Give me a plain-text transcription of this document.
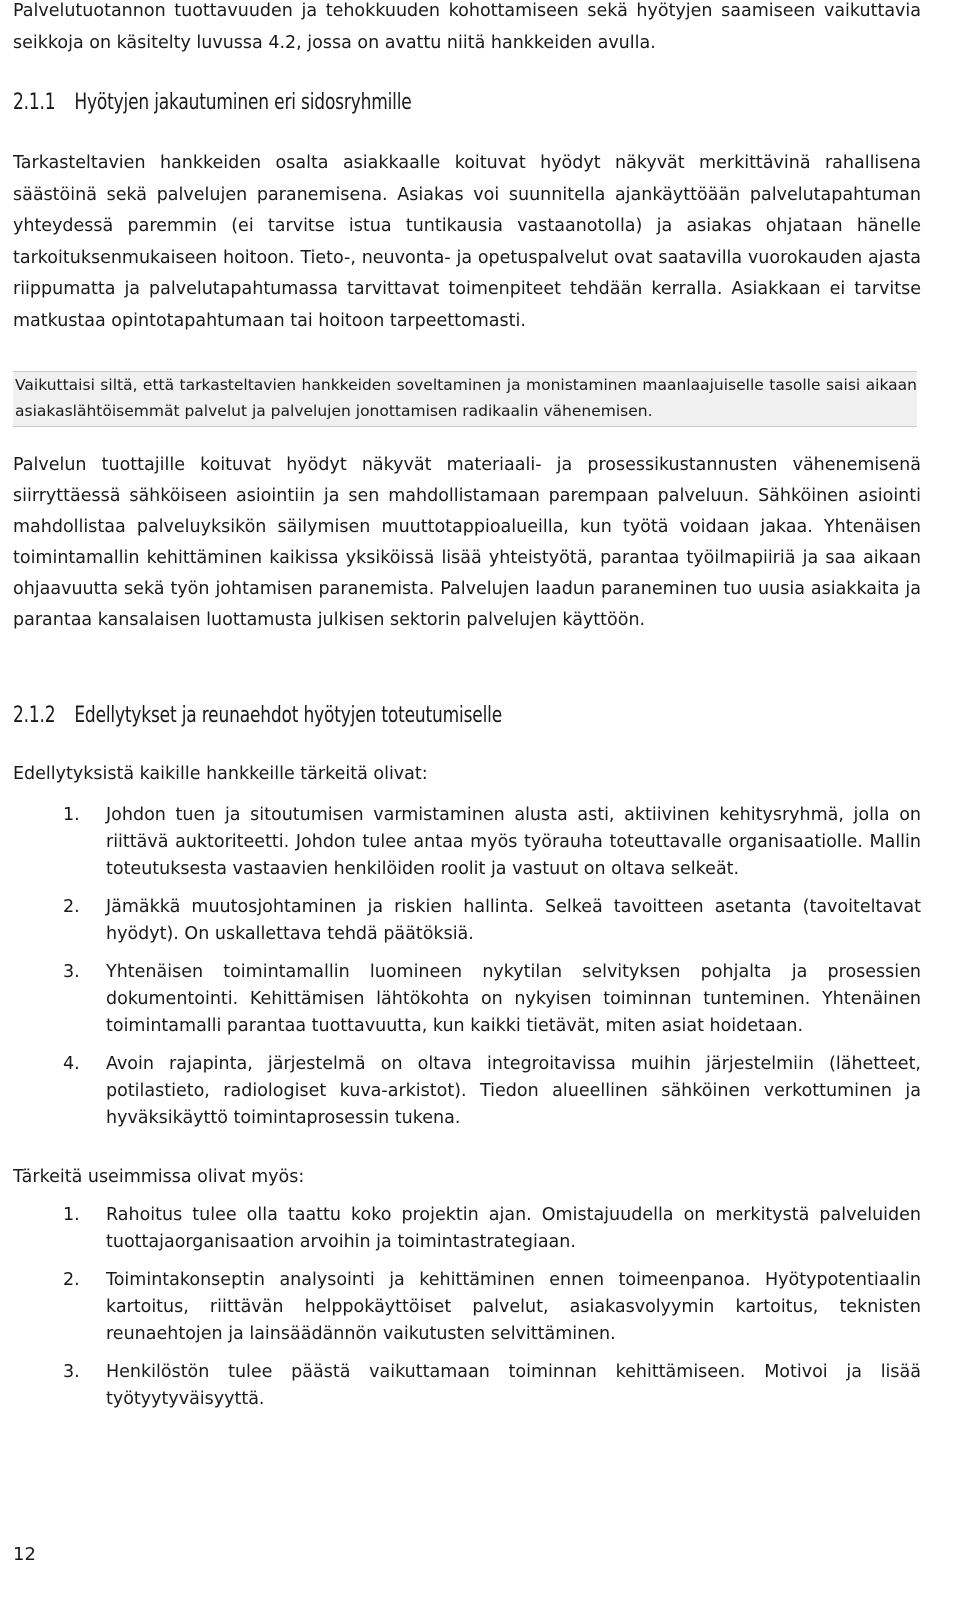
Palvelutuotannon tuottavuuden ja tehokkuuden kohottamiseen sekä hyötyjen saamiseen vaikuttavia seikkoja on käsitelty luvussa 4.2, jossa on avattu niitä hankkeiden avulla.

2.1.1 Hyötyjen jakautuminen eri sidosryhmille

Tarkasteltavien hankkeiden osalta asiakkaalle koituvat hyödyt näkyvät merkittävinä rahallisena säästöinä sekä palvelujen paranemisena. Asiakas voi suunnitella ajankäyttöään palvelutapahtuman yhteydessä paremmin (ei tarvitse istua tuntikausia vastaanotolla) ja asiakas ohjataan hänelle tarkoituksenmukaiseen hoitoon. Tieto-, neuvonta- ja opetuspalvelut ovat saatavilla vuorokauden ajasta riippumatta ja palvelutapahtumassa tarvittavat toimenpiteet tehdään kerralla. Asiakkaan ei tarvitse matkustaa opintotapahtumaan tai hoitoon tarpeettomasti.

Vaikuttaisi siltä, että tarkasteltavien hankkeiden soveltaminen ja monistaminen maanlaajuiselle tasolle saisi aikaan asiakaslähtöisemmät palvelut ja palvelujen jonottamisen radikaalin vähenemisen.

Palvelun tuottajille koituvat hyödyt näkyvät materiaali- ja prosessikustannusten vähenemisenä siirryttäessä sähköiseen asiointiin ja sen mahdollistamaan parempaan palveluun. Sähköinen asiointi mahdollistaa palveluyksikön säilymisen muuttotappioalueilla, kun työtä voidaan jakaa. Yhtenäisen toimintamallin kehittäminen kaikissa yksiköissä lisää yhteistyötä, parantaa työilmapiiriä ja saa aikaan ohjaavuutta sekä työn johtamisen paranemista. Palvelujen laadun paraneminen tuo uusia asiakkaita ja parantaa kansalaisen luottamusta julkisen sektorin palvelujen käyttöön.

2.1.2 Edellytykset ja reunaehdot hyötyjen toteutumiselle

Edellytyksistä kaikille hankkeille tärkeitä olivat:

1. Johdon tuen ja sitoutumisen varmistaminen alusta asti, aktiivinen kehitysryhmä, jolla on riittävä auktoriteetti. Johdon tulee antaa myös työrauha toteuttavalle organisaatiolle. Mallin toteutuksesta vastaavien henkilöiden roolit ja vastuut on oltava selkeät.
2. Jämäkkä muutosjohtaminen ja riskien hallinta. Selkeä tavoitteen asetanta (tavoiteltavat hyödyt). On uskallettava tehdä päätöksiä.
3. Yhtenäisen toimintamallin luomineen nykytilan selvityksen pohjalta ja prosessien dokumentointi. Kehittämisen lähtökohta on nykyisen toiminnan tunteminen. Yhtenäinen toimintamalli parantaa tuottavuutta, kun kaikki tietävät, miten asiat hoidetaan.
4. Avoin rajapinta, järjestelmä on oltava integroitavissa muihin järjestelmiin (lähetteet, potilastieto, radiologiset kuva-arkistot). Tiedon alueellinen sähköinen verkottuminen ja hyväksikäyttö toimintaprosessin tukena.

Tärkeitä useimmissa olivat myös:

1. Rahoitus tulee olla taattu koko projektin ajan. Omistajuudella on merkitystä palveluiden tuottajaorganisaation arvoihin ja toimintastrategiaan.
2. Toimintakonseptin analysointi ja kehittäminen ennen toimeenpanoa. Hyötypotentiaalin kartoitus, riittävän helppokäyttöiset palvelut, asiakasvolyymin kartoitus, teknisten reunaehtojen ja lainsäädännön vaikutusten selvittäminen.
3. Henkilöstön tulee päästä vaikuttamaan toiminnan kehittämiseen. Motivoi ja lisää työtyytyväisyyttä.
12
